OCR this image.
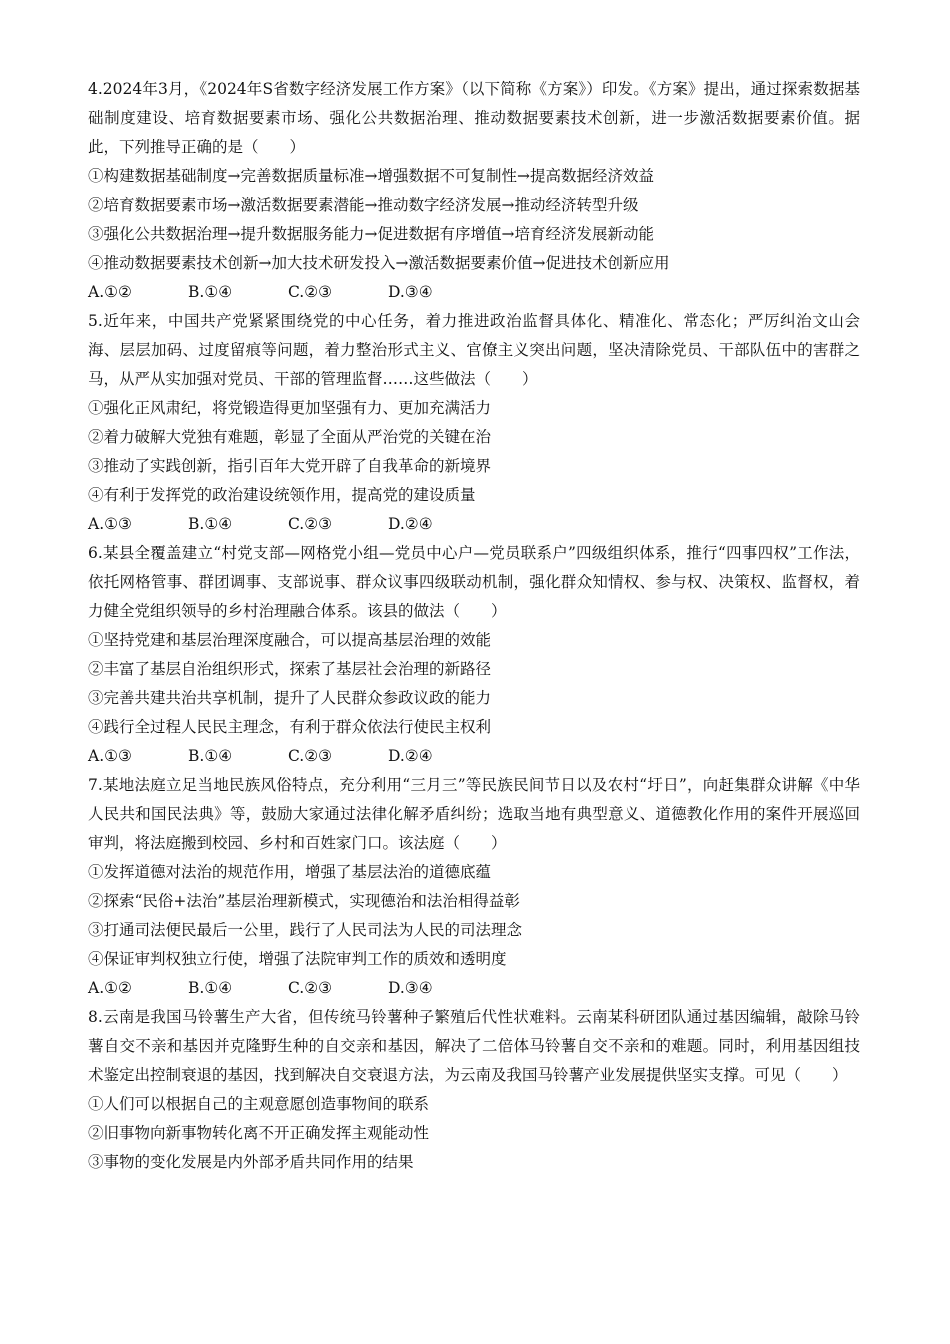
4.2024年3月，《2024年S省数字经济发展工作方案》（以下简称《方案》）印发。《方案》提出，通过探索数据基础制度建设、培育数据要素市场、强化公共数据治理、推动数据要素技术创新，进一步激活数据要素价值。据此，下列推导正确的是（　　）

①构建数据基础制度→完善数据质量标准→增强数据不可复制性→提高数据经济效益

②培育数据要素市场→激活数据要素潜能→推动数字经济发展→推动经济转型升级

③强化公共数据治理→提升数据服务能力→促进数据有序增值→培育经济发展新动能

④推动数据要素技术创新→加大技术研发投入→激活数据要素价值→促进技术创新应用

A.①②	B.①④	C.②③	D.③④

5.近年来，中国共产党紧紧围绕党的中心任务，着力推进政治监督具体化、精准化、常态化；严厉纠治文山会海、层层加码、过度留痕等问题，着力整治形式主义、官僚主义突出问题，坚决清除党员、干部队伍中的害群之马，从严从实加强对党员、干部的管理监督……这些做法（　　）

①强化正风肃纪，将党锻造得更加坚强有力、更加充满活力

②着力破解大党独有难题，彰显了全面从严治党的关键在治

③推动了实践创新，指引百年大党开辟了自我革命的新境界

④有利于发挥党的政治建设统领作用，提高党的建设质量

A.①③	B.①④	C.②③	D.②④

6.某县全覆盖建立“村党支部—网格党小组—党员中心户—党员联系户”四级组织体系，推行“四事四权”工作法，依托网格管事、群团调事、支部说事、群众议事四级联动机制，强化群众知情权、参与权、决策权、监督权，着力健全党组织领导的乡村治理融合体系。该县的做法（　　）

①坚持党建和基层治理深度融合，可以提高基层治理的效能

②丰富了基层自治组织形式，探索了基层社会治理的新路径

③完善共建共治共享机制，提升了人民群众参政议政的能力

④践行全过程人民民主理念，有利于群众依法行使民主权利

A.①③	B.①④	C.②③	D.②④

7.某地法庭立足当地民族风俗特点，充分利用“三月三”等民族民间节日以及农村“圩日”，向赶集群众讲解《中华人民共和国民法典》等，鼓励大家通过法律化解矛盾纠纷；选取当地有典型意义、道德教化作用的案件开展巡回审判，将法庭搬到校园、乡村和百姓家门口。该法庭（　　）

①发挥道德对法治的规范作用，增强了基层法治的道德底蕴

②探索“民俗+法治”基层治理新模式，实现德治和法治相得益彰

③打通司法便民最后一公里，践行了人民司法为人民的司法理念

④保证审判权独立行使，增强了法院审判工作的质效和透明度

A.①②	B.①④	C.②③	D.③④

8.云南是我国马铃薯生产大省，但传统马铃薯种子繁殖后代性状难料。云南某科研团队通过基因编辑，敲除马铃薯自交不亲和基因并克隆野生种的自交亲和基因，解决了二倍体马铃薯自交不亲和的难题。同时，利用基因组技术鉴定出控制衰退的基因，找到解决自交衰退方法，为云南及我国马铃薯产业发展提供坚实支撑。可见（　　）

①人们可以根据自己的主观意愿创造事物间的联系

②旧事物向新事物转化离不开正确发挥主观能动性

③事物的变化发展是内外部矛盾共同作用的结果
